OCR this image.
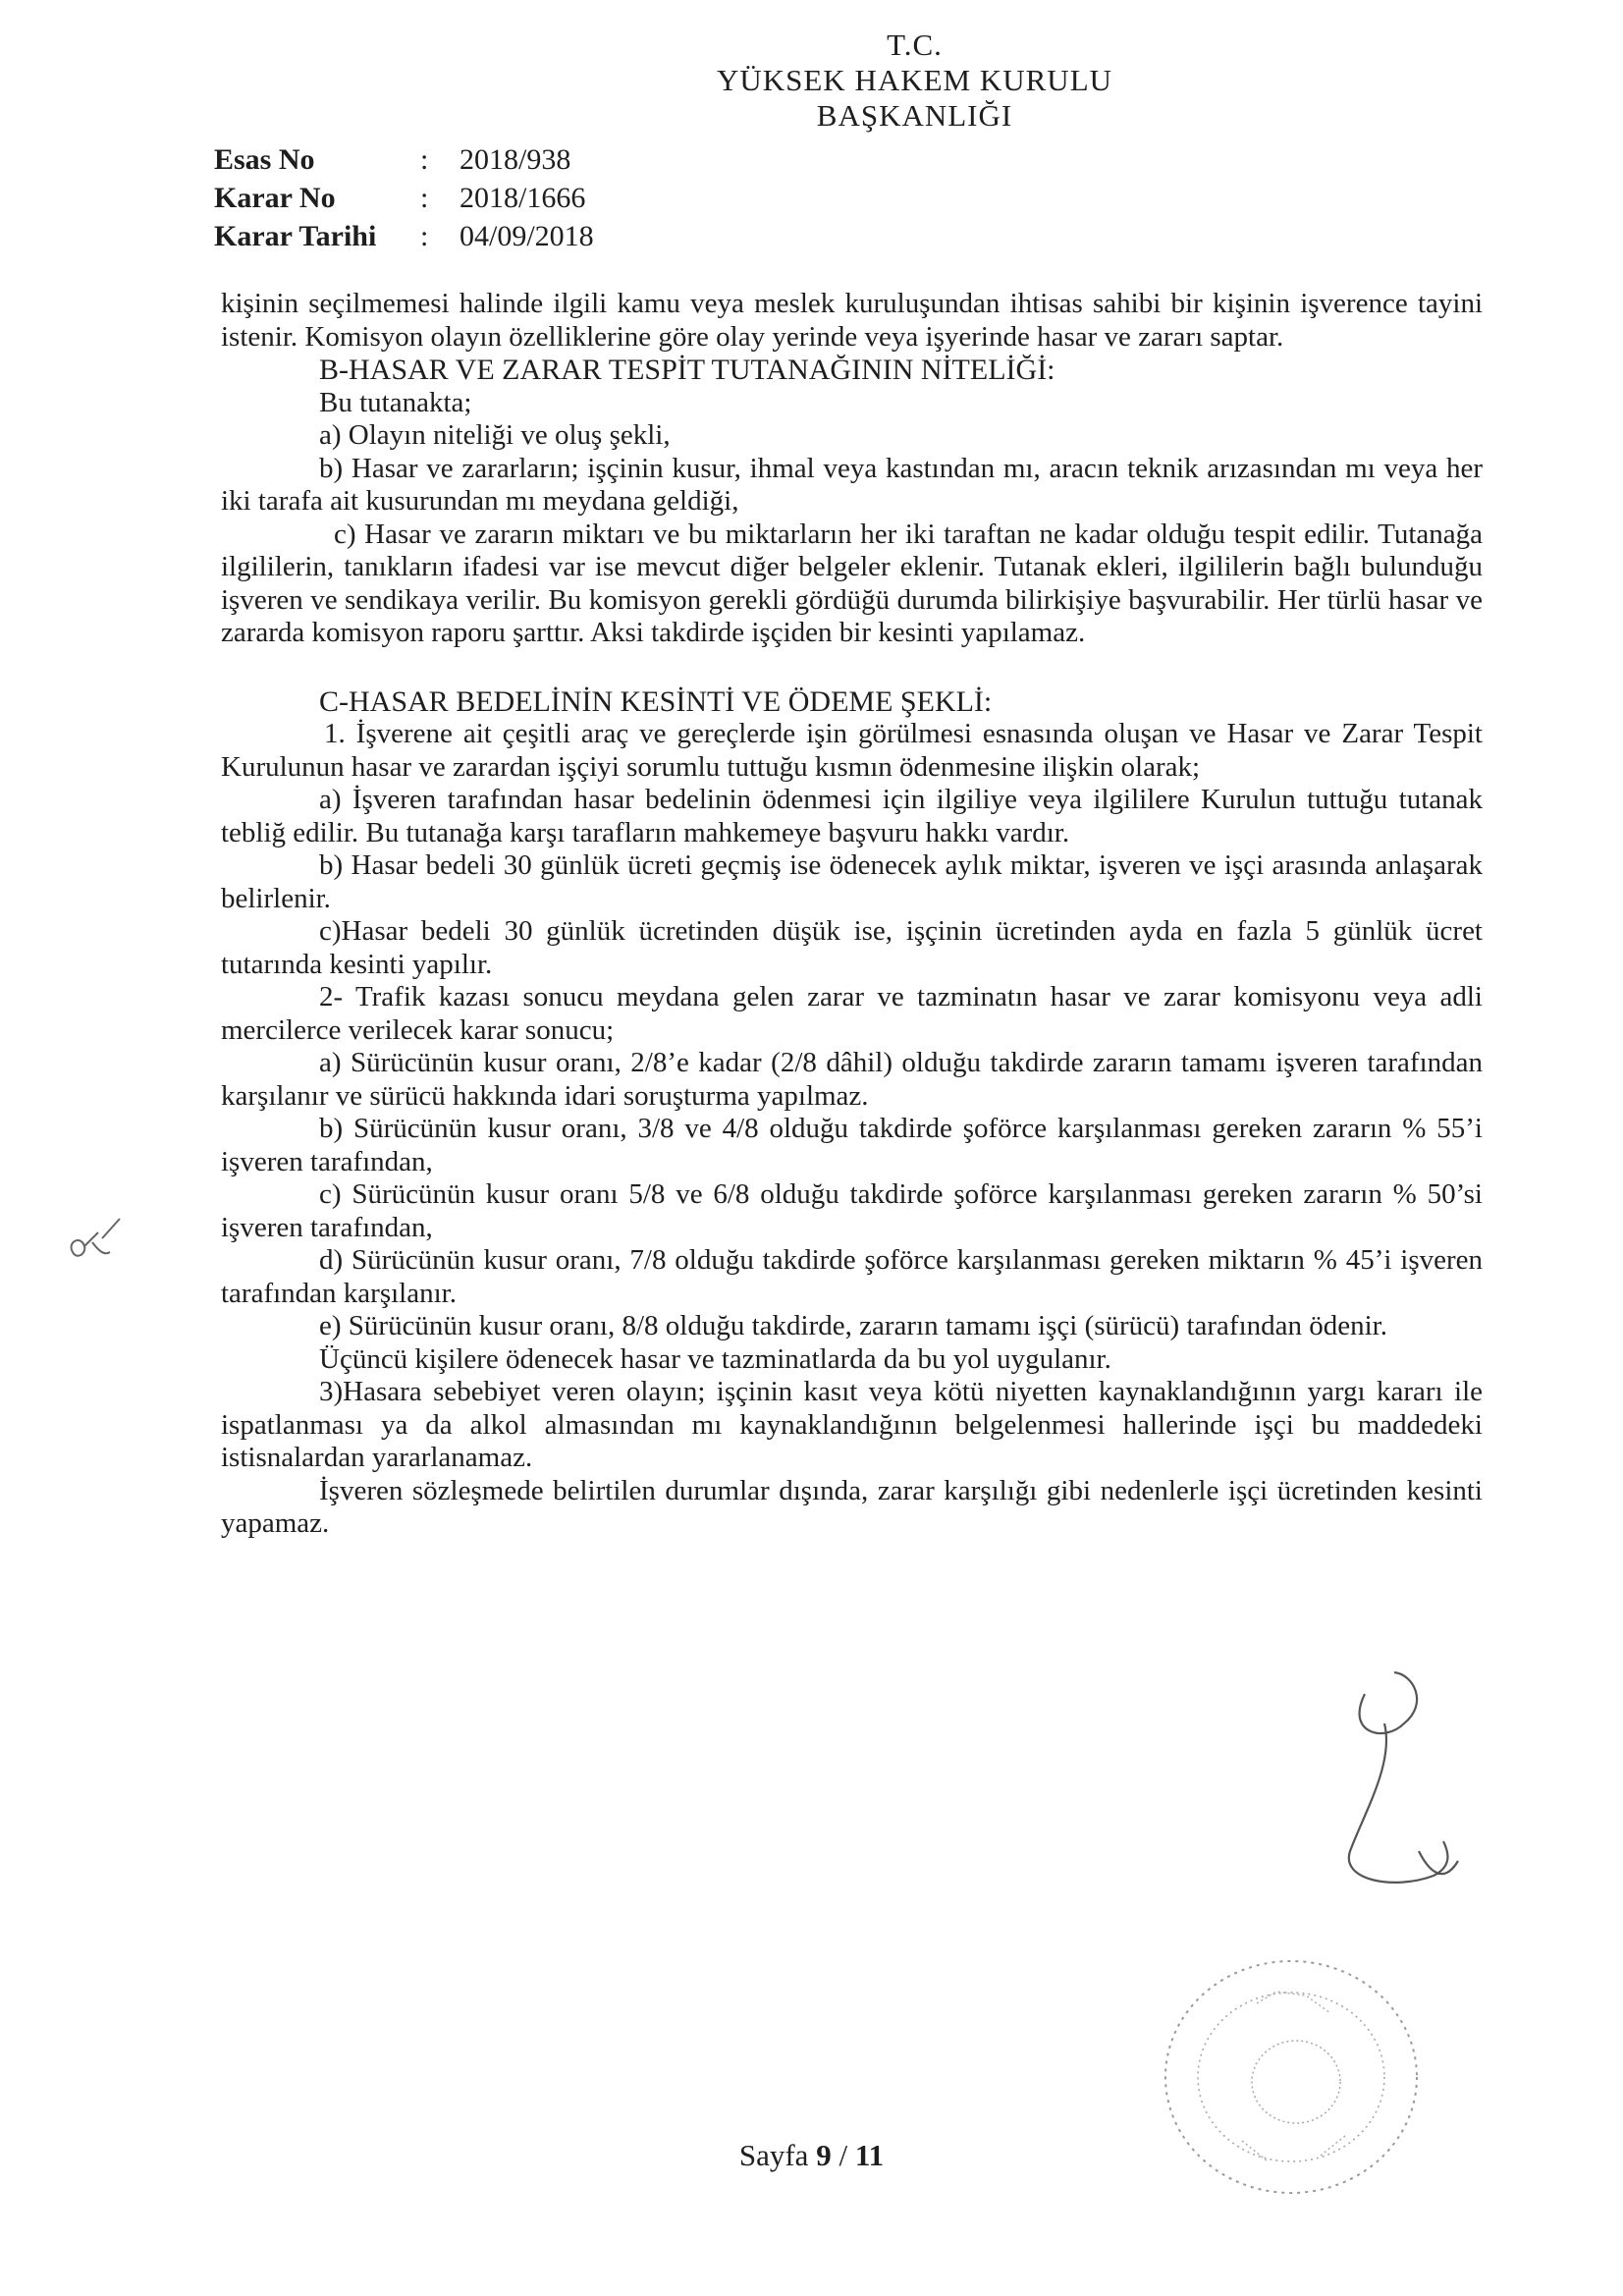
T.C.
YÜKSEK HAKEM KURULU
BAŞKANLIĞI
Esas No	:	2018/938
Karar No	:	2018/1666
Karar Tarihi	:	04/09/2018

kişinin seçilmemesi halinde ilgili kamu veya meslek kuruluşundan ihtisas sahibi bir kişinin işverence tayini istenir. Komisyon olayın özelliklerine göre olay yerinde veya işyerinde hasar ve zararı saptar.

B-HASAR VE ZARAR TESPİT TUTANAĞININ NİTELİĞİ:

Bu tutanakta;

a) Olayın niteliği ve oluş şekli,

b) Hasar ve zararların; işçinin kusur, ihmal veya kastından mı, aracın teknik arızasından mı veya her iki tarafa ait kusurundan mı meydana geldiği,

c) Hasar ve zararın miktarı ve bu miktarların her iki taraftan ne kadar olduğu tespit edilir. Tutanağa ilgililerin, tanıkların ifadesi var ise mevcut diğer belgeler eklenir. Tutanak ekleri, ilgililerin bağlı bulunduğu işveren ve sendikaya verilir. Bu komisyon gerekli gördüğü durumda bilirkişiye başvurabilir. Her türlü hasar ve zararda komisyon raporu şarttır. Aksi takdirde işçiden bir kesinti yapılamaz.

C-HASAR BEDELİNİN KESİNTİ VE ÖDEME ŞEKLİ:

1. İşverene ait çeşitli araç ve gereçlerde işin görülmesi esnasında oluşan ve Hasar ve Zarar Tespit Kurulunun hasar ve zarardan işçiyi sorumlu tuttuğu kısmın ödenmesine ilişkin olarak;

a) İşveren tarafından hasar bedelinin ödenmesi için ilgiliye veya ilgililere Kurulun tuttuğu tutanak tebliğ edilir. Bu tutanağa karşı tarafların mahkemeye başvuru hakkı vardır.

b) Hasar bedeli 30 günlük ücreti geçmiş ise ödenecek aylık miktar, işveren ve işçi arasında anlaşarak belirlenir.

c)Hasar bedeli 30 günlük ücretinden düşük ise, işçinin ücretinden ayda en fazla 5 günlük ücret tutarında kesinti yapılır.

2- Trafik kazası sonucu meydana gelen zarar ve tazminatın hasar ve zarar komisyonu veya adli mercilerce verilecek karar sonucu;

a) Sürücünün kusur oranı, 2/8’e kadar (2/8 dâhil) olduğu takdirde zararın tamamı işveren tarafından karşılanır ve sürücü hakkında idari soruşturma yapılmaz.

b) Sürücünün kusur oranı, 3/8 ve 4/8 olduğu takdirde şoförce karşılanması gereken zararın % 55’i işveren tarafından,

c) Sürücünün kusur oranı 5/8 ve 6/8 olduğu takdirde şoförce karşılanması gereken zararın % 50’si işveren tarafından,

d) Sürücünün kusur oranı, 7/8 olduğu takdirde şoförce karşılanması gereken miktarın % 45’i işveren tarafından karşılanır.

e) Sürücünün kusur oranı, 8/8 olduğu takdirde, zararın tamamı işçi (sürücü) tarafından ödenir.

Üçüncü kişilere ödenecek hasar ve tazminatlarda da bu yol uygulanır.

3)Hasara sebebiyet veren olayın; işçinin kasıt veya kötü niyetten kaynaklandığının yargı kararı ile ispatlanması ya da alkol almasından mı kaynaklandığının belgelenmesi hallerinde işçi bu maddedeki istisnalardan yararlanamaz.

İşveren sözleşmede belirtilen durumlar dışında, zarar karşılığı gibi nedenlerle işçi ücretinden kesinti yapamaz.

Sayfa 9 / 11
